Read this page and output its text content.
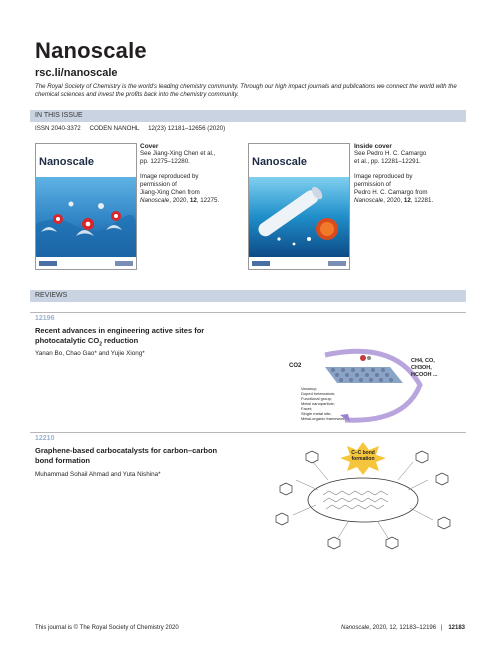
Nanoscale
rsc.li/nanoscale
The Royal Society of Chemistry is the world's leading chemistry community. Through our high impact journals and publications we connect the world with the chemical sciences and invest the profits back into the chemistry community.
IN THIS ISSUE
ISSN 2040-3372 CODEN NANOHL 12(23) 12181–12656 (2020)
Nanoscale
Cover
See Jiang-Xing Chen et al.,
pp. 12275–12280.
Image reproduced by
permission of
Jiang-Xing Chen from
Nanoscale, 2020, 12, 12275.
Nanoscale
Inside cover
See Pedro H. C. Camargo
et al., pp. 12281–12291.
Image reproduced by
permission of
Pedro H. C. Camargo from
Nanoscale, 2020, 12, 12281.
REVIEWS
12196
Recent advances in engineering active sites for
photocatalytic $CO_2$ reduction
Yanan Bo, Chao Gao* and Yujie Xiong*
CO2
CH4, CO,
CH3OH,
HCOOH ...
Vacancy;
Doped heteroatom;
Functional group;
Metal nanoparticle;
Facet;
Single metal site;
Metal-organic framework;
12210
Graphene-based carbocatalysts for carbon–carbon
bond formation
Muhammad Sohail Ahmad and Yuta Nishina*
C–C bond
formation
This journal is © The Royal Society of Chemistry 2020	Nanoscale, 2020, 12, 12183–12196 | 12183
